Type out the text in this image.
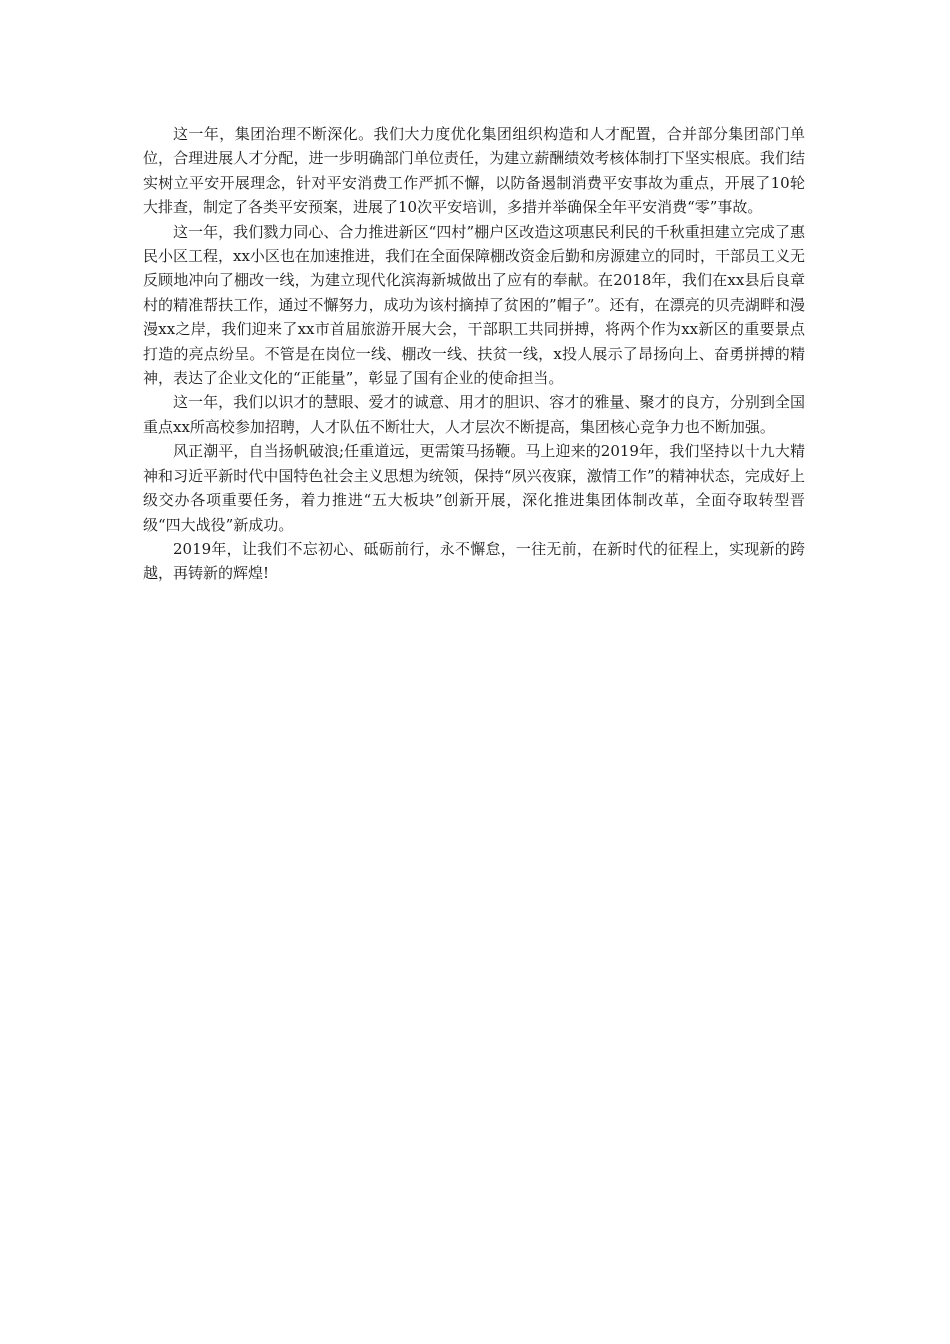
这一年，集团治理不断深化。我们大力度优化集团组织构造和人才配置，合并部分集团部门单位，合理进展人才分配，进一步明确部门单位责任，为建立薪酬绩效考核体制打下坚实根底。我们结实树立平安开展理念，针对平安消费工作严抓不懈，以防备遏制消费平安事故为重点，开展了10轮大排查，制定了各类平安预案，进展了10次平安培训，多措并举确保全年平安消费“零”事故。

这一年，我们戮力同心、合力推进新区“四村”棚户区改造这项惠民利民的千秋重担建立完成了惠民小区工程，xx小区也在加速推进，我们在全面保障棚改资金后勤和房源建立的同时，干部员工义无反顾地冲向了棚改一线，为建立现代化滨海新城做出了应有的奉献。在2018年，我们在xx县后良章村的精准帮扶工作，通过不懈努力，成功为该村摘掉了贫困的”帽子”。还有，在漂亮的贝壳湖畔和漫漫xx之岸，我们迎来了xx市首届旅游开展大会，干部职工共同拼搏，将两个作为xx新区的重要景点打造的亮点纷呈。不管是在岗位一线、棚改一线、扶贫一线，x投人展示了昂扬向上、奋勇拼搏的精神，表达了企业文化的“正能量”，彰显了国有企业的使命担当。

这一年，我们以识才的慧眼、爱才的诚意、用才的胆识、容才的雅量、聚才的良方，分别到全国重点xx所高校参加招聘，人才队伍不断壮大，人才层次不断提高，集团核心竞争力也不断加强。

风正潮平，自当扬帆破浪;任重道远，更需策马扬鞭。马上迎来的2019年，我们坚持以十九大精神和习近平新时代中国特色社会主义思想为统领，保持“夙兴夜寐，激情工作”的精神状态，完成好上级交办各项重要任务，着力推进“五大板块”创新开展，深化推进集团体制改革，全面夺取转型晋级“四大战役”新成功。

2019年，让我们不忘初心、砥砺前行，永不懈怠，一往无前，在新时代的征程上，实现新的跨越，再铸新的辉煌!
